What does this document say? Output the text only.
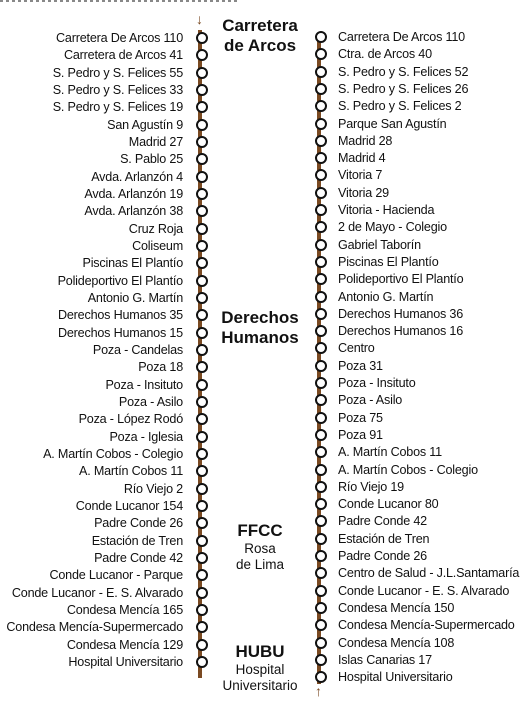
↓
↑
Carretera De Arcos 110
Carretera de Arcos 41
S. Pedro y S. Felices 55
S. Pedro y S. Felices 33
S. Pedro y S. Felices 19
San Agustín 9
Madrid 27
S. Pablo 25
Avda. Arlanzón 4
Avda. Arlanzón 19
Avda. Arlanzón 38
Cruz Roja
Coliseum
Piscinas El Plantío
Polideportivo El Plantío
Antonio G. Martín
Derechos Humanos 35
Derechos Humanos 15
Poza - Candelas
Poza 18
Poza - Insituto
Poza - Asilo
Poza - López Rodó
Poza - Iglesia
A. Martín Cobos - Colegio
A. Martín Cobos 11
Río Viejo 2
Conde Lucanor 154
Padre Conde 26
Estación de Tren
Padre Conde 42
Conde Lucanor - Parque
Conde Lucanor - E. S. Alvarado
Condesa Mencía 165
Condesa Mencía-Supermercado
Condesa Mencía 129
Hospital Universitario
Carretera De Arcos 110
Ctra. de Arcos 40
S. Pedro y S. Felices 52
S. Pedro y S. Felices 26
S. Pedro y S. Felices 2
Parque San Agustín
Madrid 28
Madrid 4
Vitoria 7
Vitoria 29
Vitoria - Hacienda
2 de Mayo - Colegio
Gabriel Taborín
Piscinas El Plantío
Polideportivo El Plantío
Antonio G. Martín
Derechos Humanos 36
Derechos Humanos 16
Centro
Poza 31
Poza - Insituto
Poza - Asilo
Poza 75
Poza 91
A. Martín Cobos 11
A. Martín Cobos - Colegio
Río Viejo 19
Conde Lucanor 80
Padre Conde 42
Estación de Tren
Padre Conde 26
Centro de Salud - J.L.Santamaría
Conde Lucanor - E. S. Alvarado
Condesa Mencía 150
Condesa Mencía-Supermercado
Condesa Mencía 108
Islas Canarias 17
Hospital Universitario
Carretera
de Arcos
Derechos
Humanos
FFCC
Rosa
de Lima
HUBU
Hospital
Universitario
